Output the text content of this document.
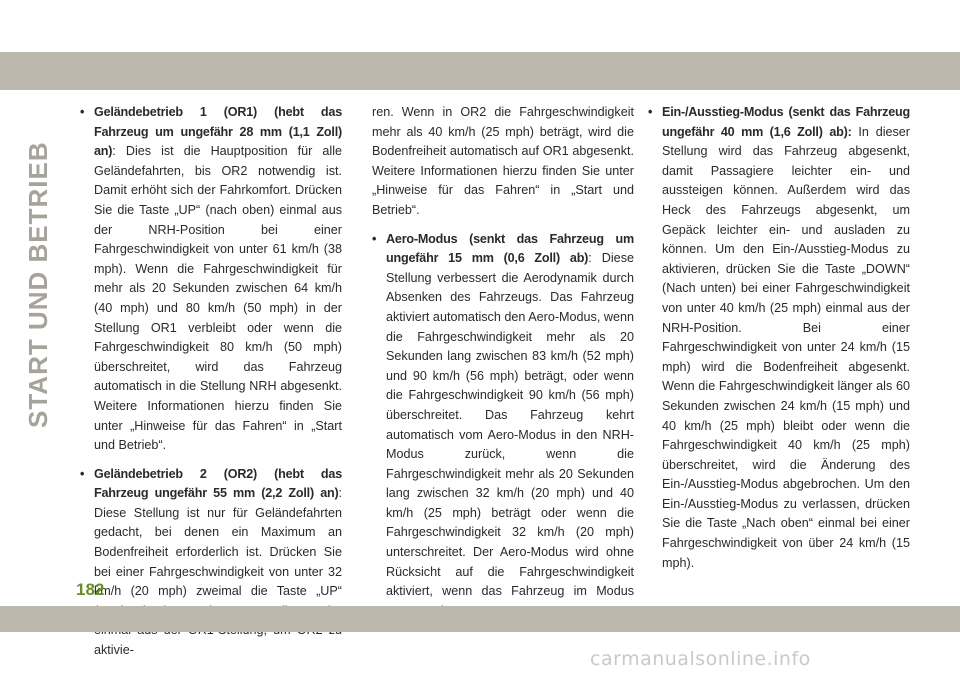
START UND BETRIEB
• Geländebetrieb 1 (OR1) (hebt das Fahrzeug um ungefähr 28 mm (1,1 Zoll) an): Dies ist die Hauptposition für alle Geländefahrten, bis OR2 notwendig ist. Damit erhöht sich der Fahrkomfort. Drücken Sie die Taste „UP“ (nach oben) einmal aus der NRH-Position bei einer Fahrgeschwindigkeit von unter 61 km/h (38 mph). Wenn die Fahrgeschwindigkeit für mehr als 20 Sekunden zwischen 64 km/h (40 mph) und 80 km/h (50 mph) in der Stellung OR1 verbleibt oder wenn die Fahrgeschwindigkeit 80 km/h (50 mph) überschreitet, wird das Fahrzeug automatisch in die Stellung NRH abgesenkt. Weitere Informationen hierzu finden Sie unter „Hinweise für das Fahren“ in „Start und Betrieb“.
• Geländebetrieb 2 (OR2) (hebt das Fahrzeug ungefähr 55 mm (2,2 Zoll) an): Diese Stellung ist nur für Geländefahrten gedacht, bei denen ein Maximum an Bodenfreiheit erforderlich ist. Drücken Sie bei einer Fahrgeschwindigkeit von unter 32 km/h (20 mph) zweimal die Taste „UP“ aktivie-
ren. Wenn in OR2 die Fahrgeschwindigkeit mehr als 40 km/h (25 mph) beträgt, wird die Bodenfreiheit automatisch auf OR1 abgesenkt. Weitere Informationen hierzu finden Sie unter „Hinweise für das Fahren“ in „Start und Betrieb“.
• Aero-Modus (senkt das Fahrzeug um ungefähr 15 mm (0,6 Zoll) ab): Diese Stellung verbessert die Aerodynamik durch Absenken des Fahrzeugs. Das Fahrzeug aktiviert automatisch den Aero-Modus, wenn die Fahrgeschwindigkeit mehr als 20 Sekunden lang zwischen 83 km/h (52 mph) und 90 km/h (56 mph) beträgt, oder wenn die Fahrgeschwindigkeit 90 km/h (56 mph) überschreitet. Das Fahrzeug kehrt automatisch vom Aero-Modus in den NRH-Modus zurück, wenn die Fahrgeschwindigkeit mehr als 20 Sekunden lang zwischen 32 km/h (20 mph) und 40 km/h (25 mph) beträgt oder wenn die Fahrgeschwindigkeit 32 km/h (20 mph) unterschreitet. Der Aero-Modus wird ohne Rücksicht auf die Fahrgeschwindigkeit aktiviert, wenn das Fahrzeug im Modus
• Ein-/Ausstieg-Modus (senkt das Fahrzeug ungefähr 40 mm (1,6 Zoll) ab): In dieser Stellung wird das Fahrzeug abgesenkt, damit Passagiere leichter ein- und aussteigen können. Außerdem wird das Heck des Fahrzeugs abgesenkt, um Gepäck leichter ein- und ausladen zu können. Um den Ein-/Ausstieg-Modus zu aktivieren, drücken Sie die Taste „DOWN“ (Nach unten) bei einer Fahrgeschwindigkeit von unter 40 km/h (25 mph) einmal aus der NRH-Position. Bei einer Fahrgeschwindigkeit von unter 24 km/h (15 mph) wird die Bodenfreiheit abgesenkt. Wenn die Fahrgeschwindigkeit länger als 60 Sekunden zwischen 24 km/h (15 mph) und 40 km/h (25 mph) bleibt oder wenn die Fahrgeschwindigkeit 40 km/h (25 mph) überschreitet, wird die Änderung des Ein-/Ausstieg-Modus abgebrochen. Um den Ein-/Ausstieg-Modus zu verlassen, drücken Sie die Taste „Nach oben“ einmal bei einer Fahrgeschwindigkeit von über 24 km/h (15 mph).
182
carmanualsonline.info
